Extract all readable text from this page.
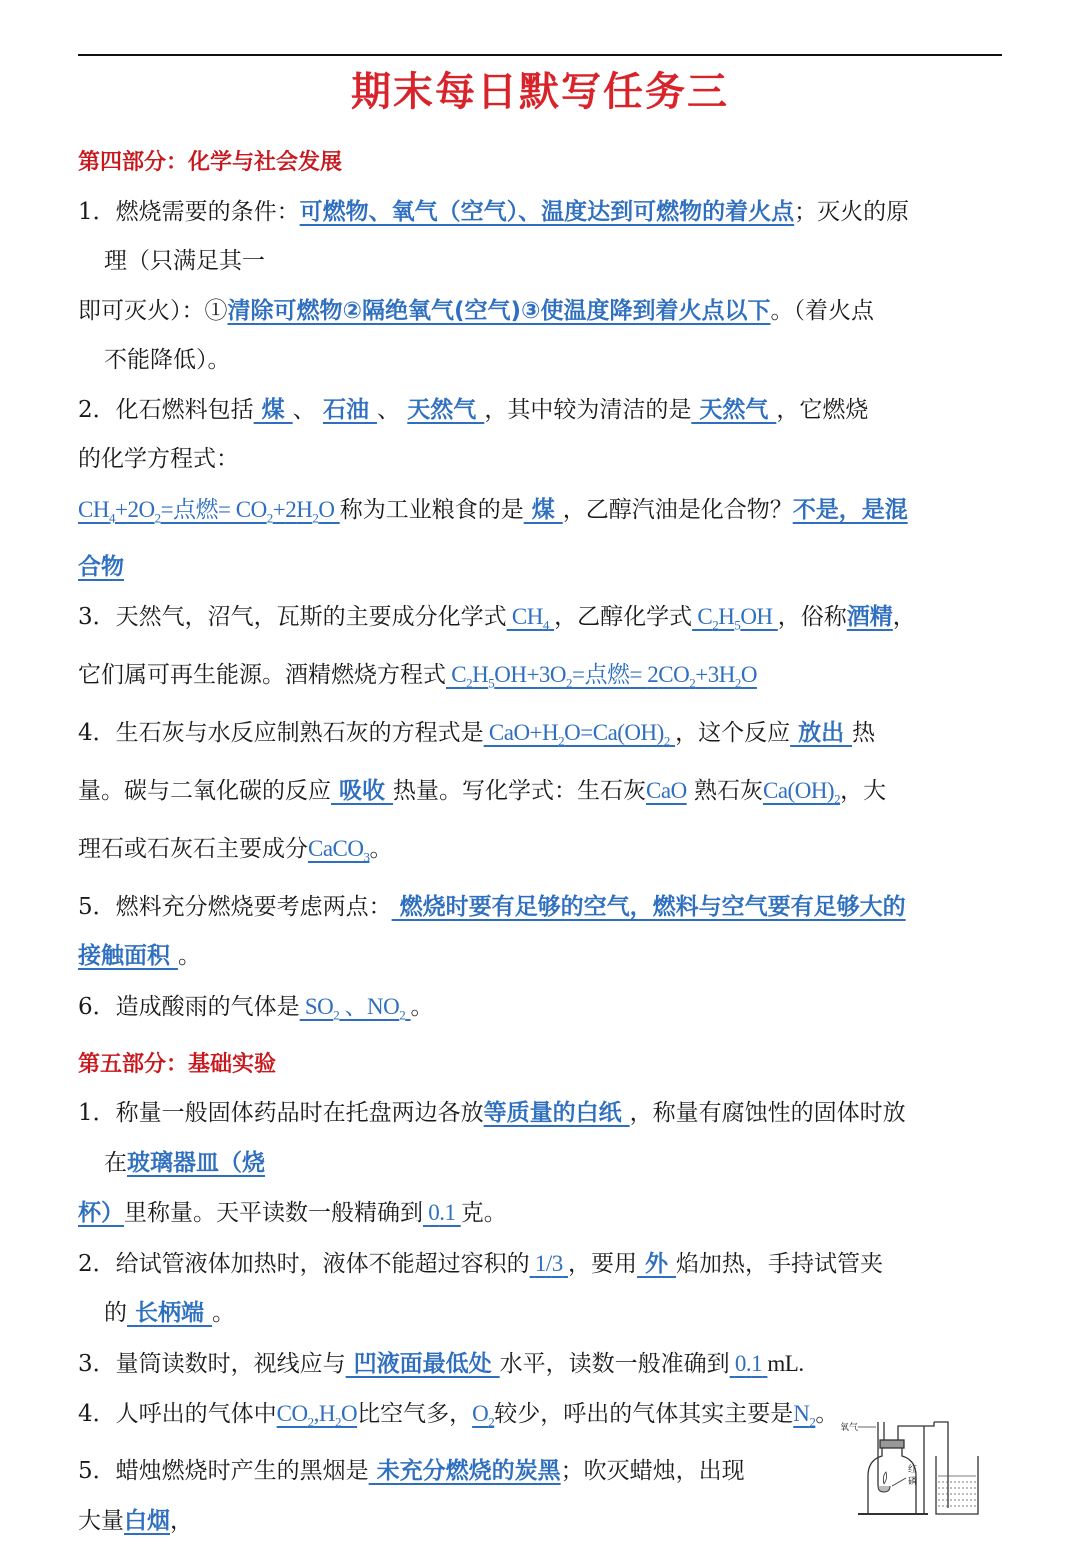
期末每日默写任务三
第四部分：化学与社会发展
1．燃烧需要的条件：可燃物、氧气（空气）、温度达到可燃物的着火点；灭火的原
理（只满足其一
即可灭火）：①清除可燃物②隔绝氧气(空气)③使温度降到着火点以下。（着火点
不能降低）。
2．化石燃料包括 煤 、 石油 、 天然气 ，其中较为清洁的是 天然气 ，它燃烧
的化学方程式：
$CH_4+2O_2=$点燃= $CO_2+2H_2O$ 称为工业粮食的是 煤 ，乙醇汽油是化合物？不是，是混
合物
3．天然气，沼气，瓦斯的主要成分化学式 $CH_4$ ，乙醇化学式 $C_2H_5OH$ ，俗称酒精，
它们属可再生能源。酒精燃烧方程式 $C_2H_5OH+3O_2=$点燃= $2CO_2+3H_2O$
4．生石灰与水反应制熟石灰的方程式是 $CaO+H_2O=Ca(OH)_2$ ，这个反应 放出 热
量。碳与二氧化碳的反应 吸收 热量。写化学式：生石灰CaO 熟石灰$Ca(OH)_2$，大
理石或石灰石主要成分CaCO$_3$。
5．燃料充分燃烧要考虑两点： 燃烧时要有足够的空气，燃料与空气要有足够大的
接触面积 。
6．造成酸雨的气体是 $SO_2$ 、$NO_2$ 。
第五部分：基础实验
1．称量一般固体药品时在托盘两边各放等质量的白纸 ，称量有腐蚀性的固体时放
在玻璃器皿（烧
杯）里称量。天平读数一般精确到 0.1 克。
2．给试管液体加热时，液体不能超过容积的 1/3 ，要用 外 焰加热，手持试管夹
的 长柄端 。
3．量筒读数时，视线应与 凹液面最低处 水平，读数一般准确到 0.1 mL.
4．人呼出的气体中$CO_2,H_2O$比空气多，$O_2$较少，呼出的气体其实主要是$N_2$。
5．蜡烛燃烧时产生的黑烟是 未充分燃烧的炭黑；吹灭蜡烛，出现
大量白烟，
氧气
红
磷
